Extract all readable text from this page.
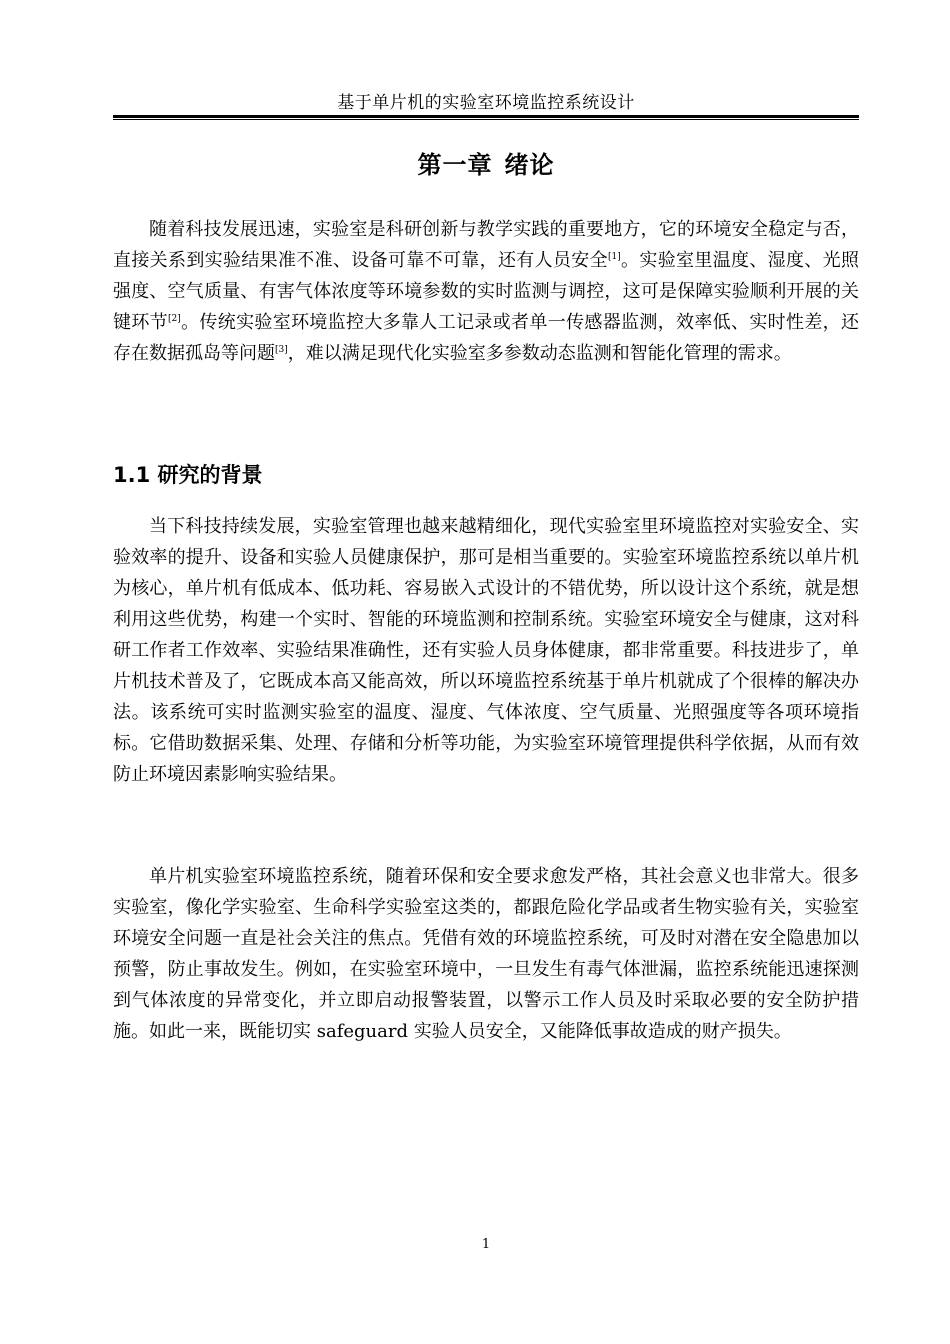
基于单片机的实验室环境监控系统设计
第一章 绪论

随着科技发展迅速，实验室是科研创新与教学实践的重要地方，它的环境安全稳定与否，直接关系到实验结果准不准、设备可靠不可靠，还有人员安全[1]。实验室里温度、湿度、光照强度、空气质量、有害气体浓度等环境参数的实时监测与调控，这可是保障实验顺利开展的关键环节[2]。传统实验室环境监控大多靠人工记录或者单一传感器监测，效率低、实时性差，还存在数据孤岛等问题[3]，难以满足现代化实验室多参数动态监测和智能化管理的需求。

1.1 研究的背景

当下科技持续发展，实验室管理也越来越精细化，现代实验室里环境监控对实验安全、实验效率的提升、设备和实验人员健康保护，那可是相当重要的。实验室环境监控系统以单片机为核心，单片机有低成本、低功耗、容易嵌入式设计的不错优势，所以设计这个系统，就是想利用这些优势，构建一个实时、智能的环境监测和控制系统。实验室环境安全与健康，这对科研工作者工作效率、实验结果准确性，还有实验人员身体健康，都非常重要。科技进步了，单片机技术普及了，它既成本高又能高效，所以环境监控系统基于单片机就成了个很棒的解决办法。该系统可实时监测实验室的温度、湿度、气体浓度、空气质量、光照强度等各项环境指标。它借助数据采集、处理、存储和分析等功能，为实验室环境管理提供科学依据，从而有效防止环境因素影响实验结果。

单片机实验室环境监控系统，随着环保和安全要求愈发严格，其社会意义也非常大。很多实验室，像化学实验室、生命科学实验室这类的，都跟危险化学品或者生物实验有关，实验室环境安全问题一直是社会关注的焦点。凭借有效的环境监控系统，可及时对潜在安全隐患加以预警，防止事故发生。例如，在实验室环境中，一旦发生有毒气体泄漏，监控系统能迅速探测到气体浓度的异常变化，并立即启动报警装置，以警示工作人员及时采取必要的安全防护措施。如此一来，既能切实 safeguard 实验人员安全，又能降低事故造成的财产损失。

1
